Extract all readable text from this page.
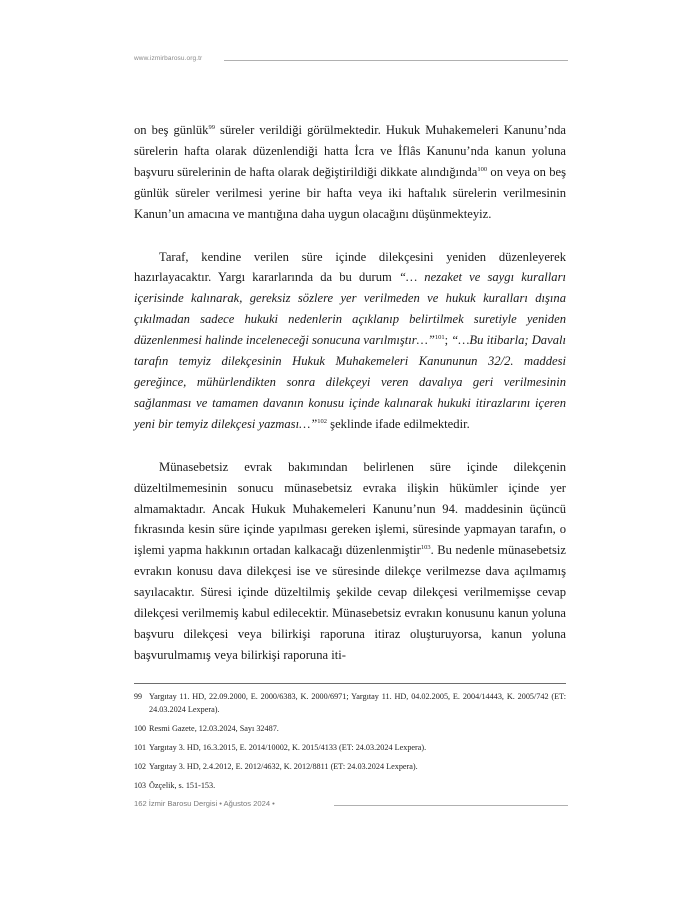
www.izmirbarosu.org.tr

on beş günlük$^{99}$ süreler verildiği görülmektedir. Hukuk Muhakemeleri Kanunu’nda sürelerin hafta olarak düzenlendiği hatta İcra ve İflâs Kanunu’nda kanun yoluna başvuru sürelerinin de hafta olarak değiştirildiği dikkate alındığında$^{100}$ on veya on beş günlük süreler verilmesi yerine bir hafta veya iki haftalık sürelerin verilmesinin Kanun’un amacına ve mantığına daha uygun olacağını düşünmekteyiz.

Taraf, kendine verilen süre içinde dilekçesini yeniden düzenleyerek hazırlayacaktır. Yargı kararlarında da bu durum “… nezaket ve saygı kuralları içerisinde kalınarak, gereksiz sözlere yer verilmeden ve hukuk kuralları dışına çıkılmadan sadece hukuki nedenlerin açıklanıp belirtilmek suretiyle yeniden düzenlenmesi halinde inceleneceği sonucuna varılmıştır…”$^{101}$; “…Bu itibarla; Davalı tarafın temyiz dilekçesinin Hukuk Muhakemeleri Kanununun 32/2. maddesi gereğince, mühürlendikten sonra dilekçeyi veren davalıya geri verilmesinin sağlanması ve tamamen davanın konusu içinde kalınarak hukuki itirazlarını içeren yeni bir temyiz dilekçesi yazması…”$^{102}$ şeklinde ifade edilmektedir.

Münasebetsiz evrak bakımından belirlenen süre içinde dilekçenin düzeltilmemesinin sonucu münasebetsiz evraka ilişkin hükümler içinde yer almamaktadır. Ancak Hukuk Muhakemeleri Kanunu’nun 94. maddesinin üçüncü fıkrasında kesin süre içinde yapılması gereken işlemi, süresinde yapmayan tarafın, o işlemi yapma hakkının ortadan kalkacağı düzenlenmiştir$^{103}$. Bu nedenle münasebetsiz evrakın konusu dava dilekçesi ise ve süresinde dilekçe verilmezse dava açılmamış sayılacaktır. Süresi içinde düzeltilmiş şekilde cevap dilekçesi verilmemişse cevap dilekçesi verilmemiş kabul edilecektir. Münasebetsiz evrakın konusunu kanun yoluna başvuru dilekçesi veya bilirkişi raporuna itiraz oluşturuyorsa, kanun yoluna başvurulmamış veya bilirkişi raporuna iti-

99 Yargıtay 11. HD, 22.09.2000, E. 2000/6383, K. 2000/6971; Yargıtay 11. HD, 04.02.2005, E. 2004/14443, K. 2005/742 (ET: 24.03.2024 Lexpera).
100 Resmi Gazete, 12.03.2024, Sayı 32487.
101 Yargıtay 3. HD, 16.3.2015, E. 2014/10002, K. 2015/4133 (ET: 24.03.2024 Lexpera).
102 Yargıtay 3. HD, 2.4.2012, E. 2012/4632, K. 2012/8811 (ET: 24.03.2024 Lexpera).
103 Özçelik, s. 151-153.
162 İzmir Barosu Dergisi • Ağustos 2024 •
